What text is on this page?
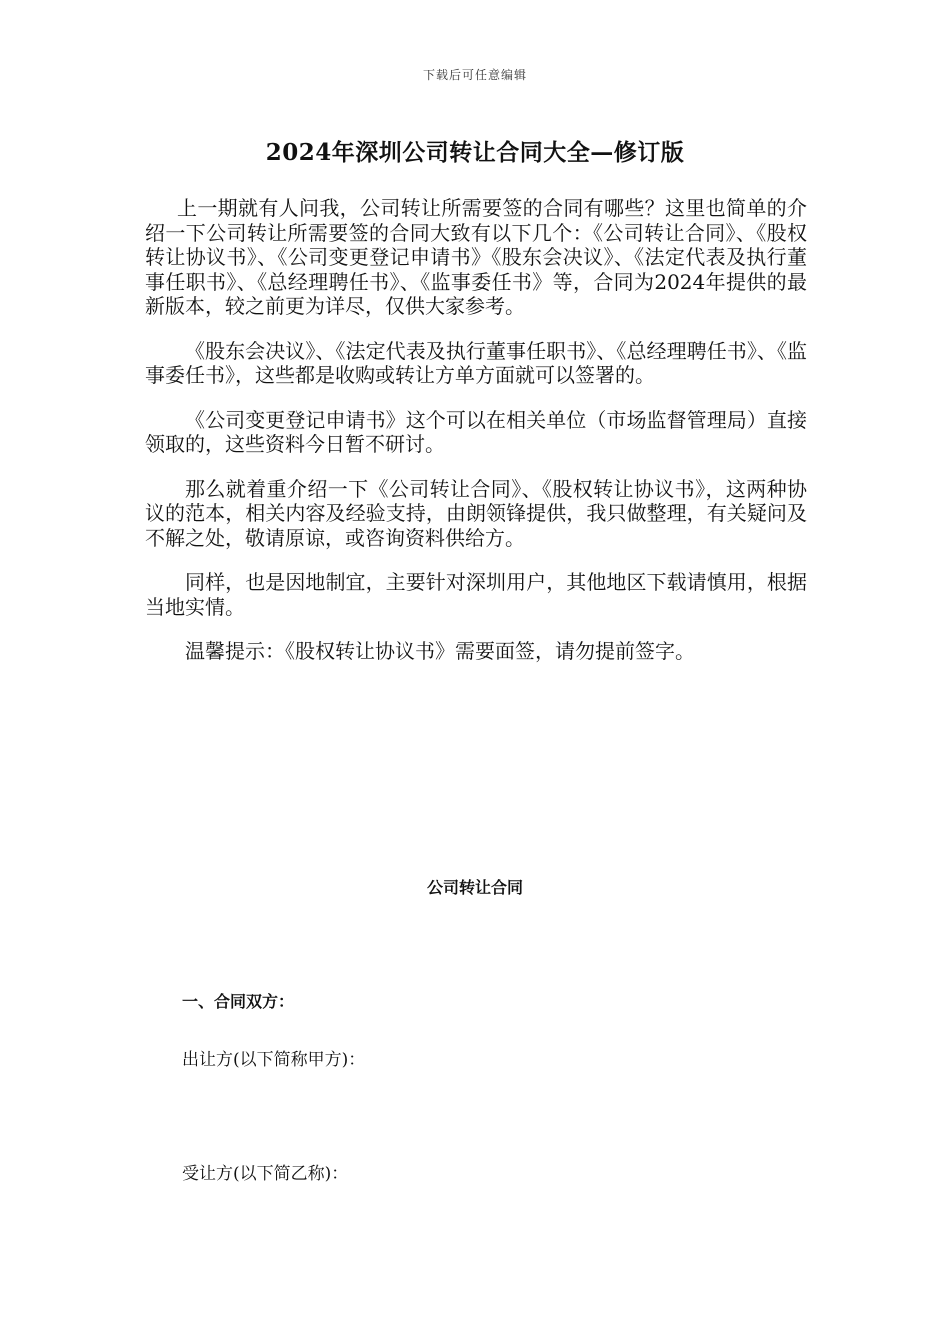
下载后可任意编辑
2024年深圳公司转让合同大全—修订版

上一期就有人问我，公司转让所需要签的合同有哪些？这里也简单的介绍一下公司转让所需要签的合同大致有以下几个：《公司转让合同》、《股权转让协议书》、《公司变更登记申请书》《股东会决议》、《法定代表及执行董事任职书》、《总经理聘任书》、《监事委任书》等，合同为2024年提供的最新版本，较之前更为详尽，仅供大家参考。

《股东会决议》、《法定代表及执行董事任职书》、《总经理聘任书》、《监事委任书》，这些都是收购或转让方单方面就可以签署的。

《公司变更登记申请书》这个可以在相关单位（市场监督管理局）直接领取的，这些资料今日暂不研讨。

那么就着重介绍一下《公司转让合同》、《股权转让协议书》，这两种协议的范本，相关内容及经验支持，由朗领锋提供，我只做整理，有关疑问及不解之处，敬请原谅，或咨询资料供给方。

同样，也是因地制宜，主要针对深圳用户，其他地区下载请慎用，根据当地实情。

温馨提示：《股权转让协议书》需要面签，请勿提前签字。

公司转让合同
一、合同双方：
出让方(以下简称甲方)：
受让方(以下简乙称)：
